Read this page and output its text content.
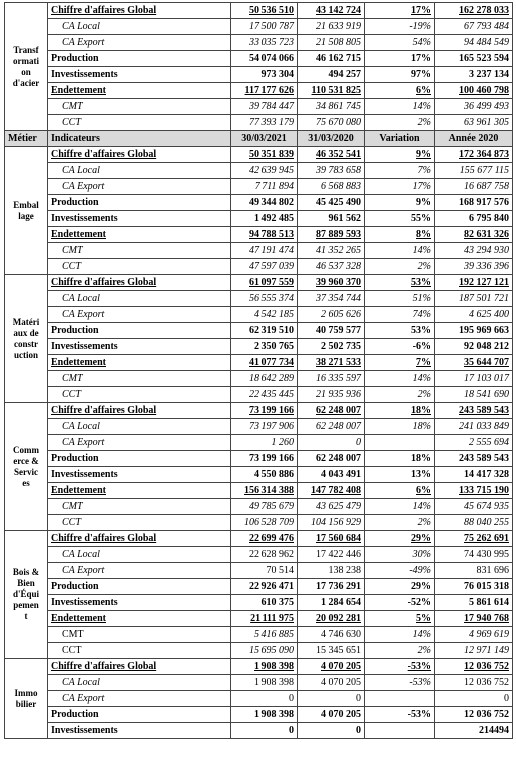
Transf
ormati
on
d'acier	Chiffre d'affaires Global	50 536 510	43 142 724	17%	162 278 033
	CA Local	17 500 787	21 633 919	-19%	67 793 484
	CA Export	33 035 723	21 508 805	54%	94 484 549
	Production	54 074 066	46 162 715	17%	165 523 594
	Investissements	973 304	494 257	97%	3 237 134
	Endettement	117 177 626	110 531 825	6%	100 460 798
	CMT	39 784 447	34 861 745	14%	36 499 493
	CCT	77 393 179	75 670 080	2%	63 961 305
Métier	Indicateurs	30/03/2021	31/03/2020	Variation	Année 2020
Embal
lage	Chiffre d'affaires Global	50 351 839	46 352 541	9%	172 364 873
	CA Local	42 639 945	39 783 658	7%	155 677 115
	CA Export	7 711 894	6 568 883	17%	16 687 758
	Production	49 344 802	45 425 490	9%	168 917 576
	Investissements	1 492 485	961 562	55%	6 795 840
	Endettement	94 788 513	87 889 593	8%	82 631 326
	CMT	47 191 474	41 352 265	14%	43 294 930
	CCT	47 597 039	46 537 328	2%	39 336 396
Matéri
aux de
constr
uction	Chiffre d'affaires Global	61 097 559	39 960 370	53%	192 127 121
	CA Local	56 555 374	37 354 744	51%	187 501 721
	CA Export	4 542 185	2 605 626	74%	4 625 400
	Production	62 319 510	40 759 577	53%	195 969 663
	Investissements	2 350 765	2 502 735	-6%	92 048 212
	Endettement	41 077 734	38 271 533	7%	35 644 707
	CMT	18 642 289	16 335 597	14%	17 103 017
	CCT	22 435 445	21 935 936	2%	18 541 690
Comm
erce &
Servic
es	Chiffre d'affaires Global	73 199 166	62 248 007	18%	243 589 543
	CA Local	73 197 906	62 248 007	18%	241 033 849
	CA Export	1 260	0		2 555 694
	Production	73 199 166	62 248 007	18%	243 589 543
	Investissements	4 550 886	4 043 491	13%	14 417 328
	Endettement	156 314 388	147 782 408	6%	133 715 190
	CMT	49 785 679	43 625 479	14%	45 674 935
	CCT	106 528 709	104 156 929	2%	88 040 255
Bois &
Bien
d'Équi
pemen
t	Chiffre d'affaires Global	22 699 476	17 560 684	29%	75 262 691
	CA Local	22 628 962	17 422 446	30%	74 430 995
	CA Export	70 514	138 238	-49%	831 696
	Production	22 926 471	17 736 291	29%	76 015 318
	Investissements	610 375	1 284 654	-52%	5 861 614
	Endettement	21 111 975	20 092 281	5%	17 940 768
	CMT	5 416 885	4 746 630	14%	4 969 619
	CCT	15 695 090	15 345 651	2%	12 971 149
Immo
bilier	Chiffre d'affaires Global	1 908 398	4 070 205	-53%	12 036 752
	CA Local	1 908 398	4 070 205	-53%	12 036 752
	CA Export	0	0		0
	Production	1 908 398	4 070 205	-53%	12 036 752
	Investissements	0	0		214494
